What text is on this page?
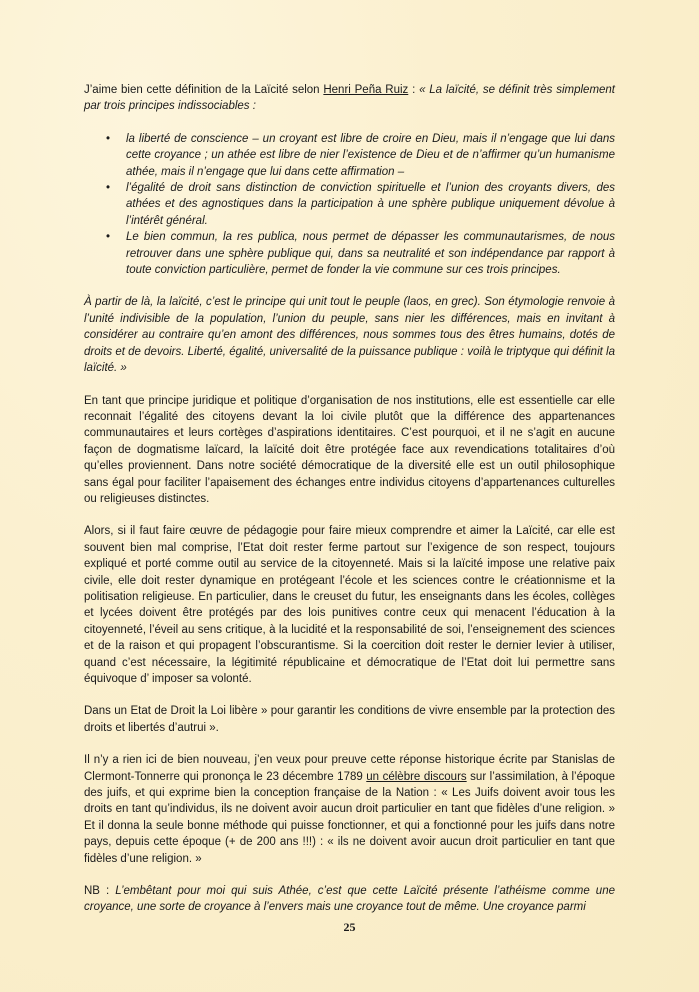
J’aime bien cette définition de la Laïcité selon Henri Peña Ruiz : « La laïcité, se définit très simplement par trois principes indissociables :

• la liberté de conscience – un croyant est libre de croire en Dieu, mais il n’engage que lui dans cette croyance ; un athée est libre de nier l’existence de Dieu et de n’affirmer qu’un humanisme athée, mais il n’engage que lui dans cette affirmation –
• l’égalité de droit sans distinction de conviction spirituelle et l’union des croyants divers, des athées et des agnostiques dans la participation à une sphère publique uniquement dévolue à l’intérêt général.
• Le bien commun, la res publica, nous permet de dépasser les communautarismes, de nous retrouver dans une sphère publique qui, dans sa neutralité et son indépendance par rapport à toute conviction particulière, permet de fonder la vie commune sur ces trois principes.

À partir de là, la laïcité, c’est le principe qui unit tout le peuple (laos, en grec). Son étymologie renvoie à l’unité indivisible de la population, l’union du peuple, sans nier les différences, mais en invitant à considérer au contraire qu’en amont des différences, nous sommes tous des êtres humains, dotés de droits et de devoirs. Liberté, égalité, universalité de la puissance publique : voilà le triptyque qui définit la laïcité. »

En tant que principe juridique et politique d’organisation de nos institutions, elle est essentielle car elle reconnait l’égalité des citoyens devant la loi civile plutôt que la différence des appartenances communautaires et leurs cortèges d’aspirations identitaires. C’est pourquoi, et il ne s’agit en aucune façon de dogmatisme laïcard, la laïcité doit être protégée face aux revendications totalitaires d’où qu’elles proviennent. Dans notre société démocratique de la diversité elle est un outil philosophique sans égal pour faciliter l’apaisement des échanges entre individus citoyens d’appartenances culturelles ou religieuses distinctes.

Alors, si il faut faire œuvre de pédagogie pour faire mieux comprendre et aimer la Laïcité, car elle est souvent bien mal comprise, l’Etat doit rester ferme partout sur l’exigence de son respect, toujours expliqué et porté comme outil au service de la citoyenneté. Mais si la laïcité impose une relative paix civile, elle doit rester dynamique en protégeant l’école et les sciences contre le créationnisme et la politisation religieuse. En particulier, dans le creuset du futur, les enseignants dans les écoles, collèges et lycées doivent être protégés par des lois punitives contre ceux qui menacent l’éducation à la citoyenneté, l’éveil au sens critique, à la lucidité et la responsabilité de soi, l’enseignement des sciences et de la raison et qui propagent l’obscurantisme. Si la coercition doit rester le dernier levier à utiliser, quand c’est nécessaire, la légitimité républicaine et démocratique de l’Etat doit lui permettre sans équivoque d’ imposer sa volonté.

Dans un Etat de Droit la Loi libère » pour garantir les conditions de vivre ensemble par la protection des droits et libertés d’autrui ».

Il n’y a rien ici de bien nouveau, j’en veux pour preuve cette réponse historique écrite par Stanislas de Clermont-Tonnerre qui prononça le 23 décembre 1789 un célèbre discours sur l’assimilation, à l’époque des juifs, et qui exprime bien la conception française de la Nation : « Les Juifs doivent avoir tous les droits en tant qu’individus, ils ne doivent avoir aucun droit particulier en tant que fidèles d’une religion. » Et il donna la seule bonne méthode qui puisse fonctionner, et qui a fonctionné pour les juifs dans notre pays, depuis cette époque (+ de 200 ans !!!) : « ils ne doivent avoir aucun droit particulier en tant que fidèles d’une religion. »

NB : L’embêtant pour moi qui suis Athée, c’est que cette Laïcité présente l’athéisme comme une croyance, une sorte de croyance à l’envers mais une croyance tout de même. Une croyance parmi

25
